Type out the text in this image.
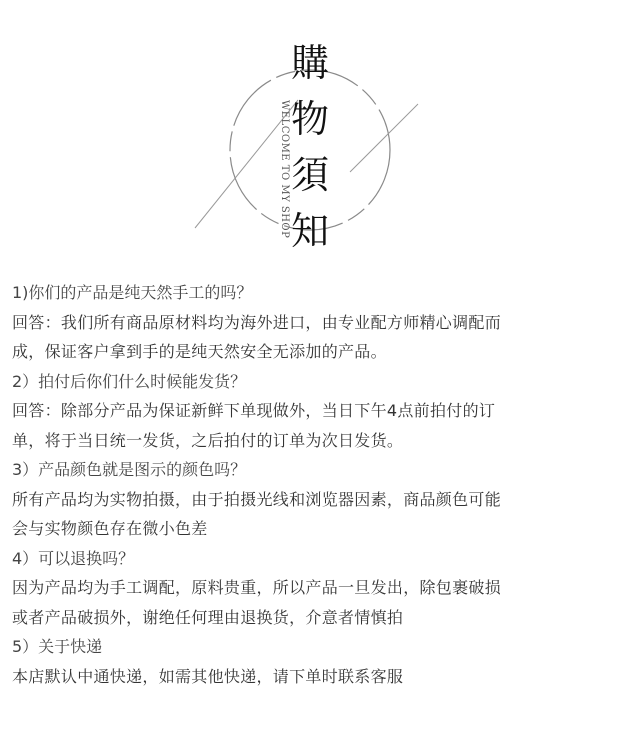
購
物
須
知
WELCOME TO MY SHOP
1)你们的产品是纯天然手工的吗？
回答：我们所有商品原材料均为海外进口，由专业配方师精心调配而
成，保证客户拿到手的是纯天然安全无添加的产品。
2）拍付后你们什么时候能发货？
回答：除部分产品为保证新鲜下单现做外，当日下午4点前拍付的订
单，将于当日统一发货，之后拍付的订单为次日发货。
3）产品颜色就是图示的颜色吗？
所有产品均为实物拍摄，由于拍摄光线和浏览器因素，商品颜色可能
会与实物颜色存在微小色差
4）可以退换吗？
因为产品均为手工调配，原料贵重，所以产品一旦发出，除包裹破损
或者产品破损外，谢绝任何理由退换货，介意者情慎拍
5）关于快递
本店默认中通快递，如需其他快递，请下单时联系客服
